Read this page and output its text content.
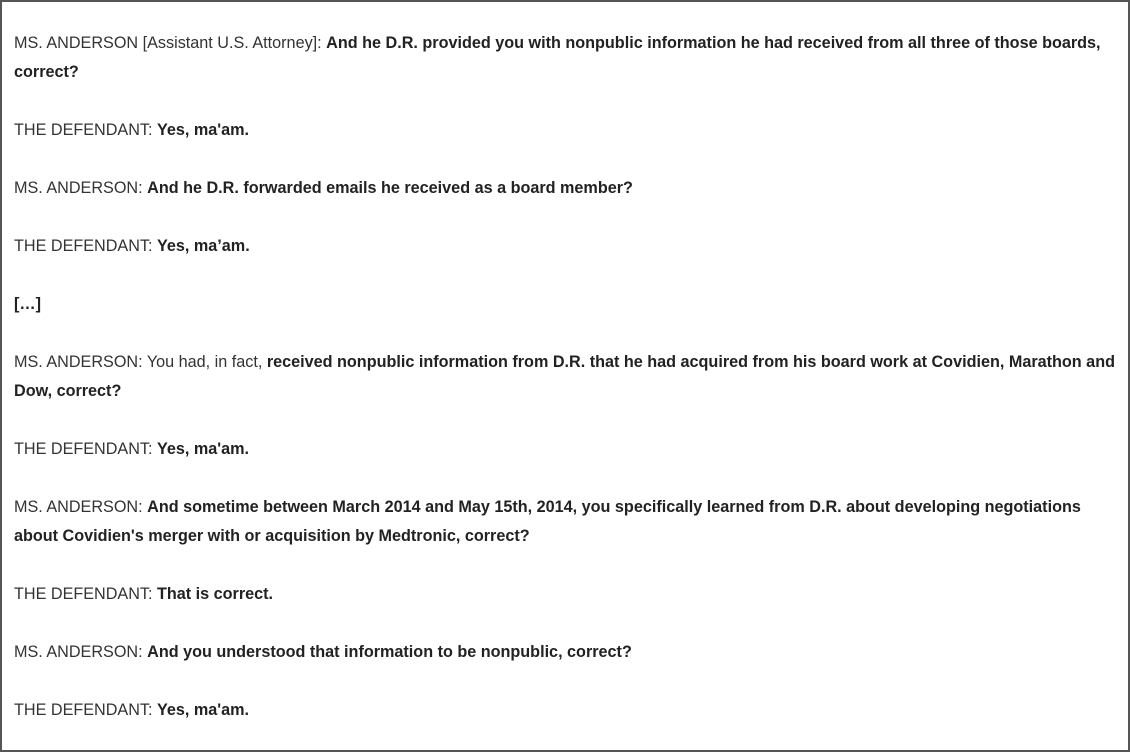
MS. ANDERSON [Assistant U.S. Attorney]: And he D.R. provided you with nonpublic information he had received from all three of those boards, correct?

THE DEFENDANT: Yes, ma'am.

MS. ANDERSON: And he D.R. forwarded emails he received as a board member?

THE DEFENDANT: Yes, ma’am.

[…]

MS. ANDERSON: You had, in fact, received nonpublic information from D.R. that he had acquired from his board work at Covidien, Marathon and Dow, correct?

THE DEFENDANT: Yes, ma'am.

MS. ANDERSON: And sometime between March 2014 and May 15th, 2014, you specifically learned from D.R. about developing negotiations about Covidien's merger with or acquisition by Medtronic, correct?

THE DEFENDANT: That is correct.

MS. ANDERSON: And you understood that information to be nonpublic, correct?

THE DEFENDANT: Yes, ma'am.
